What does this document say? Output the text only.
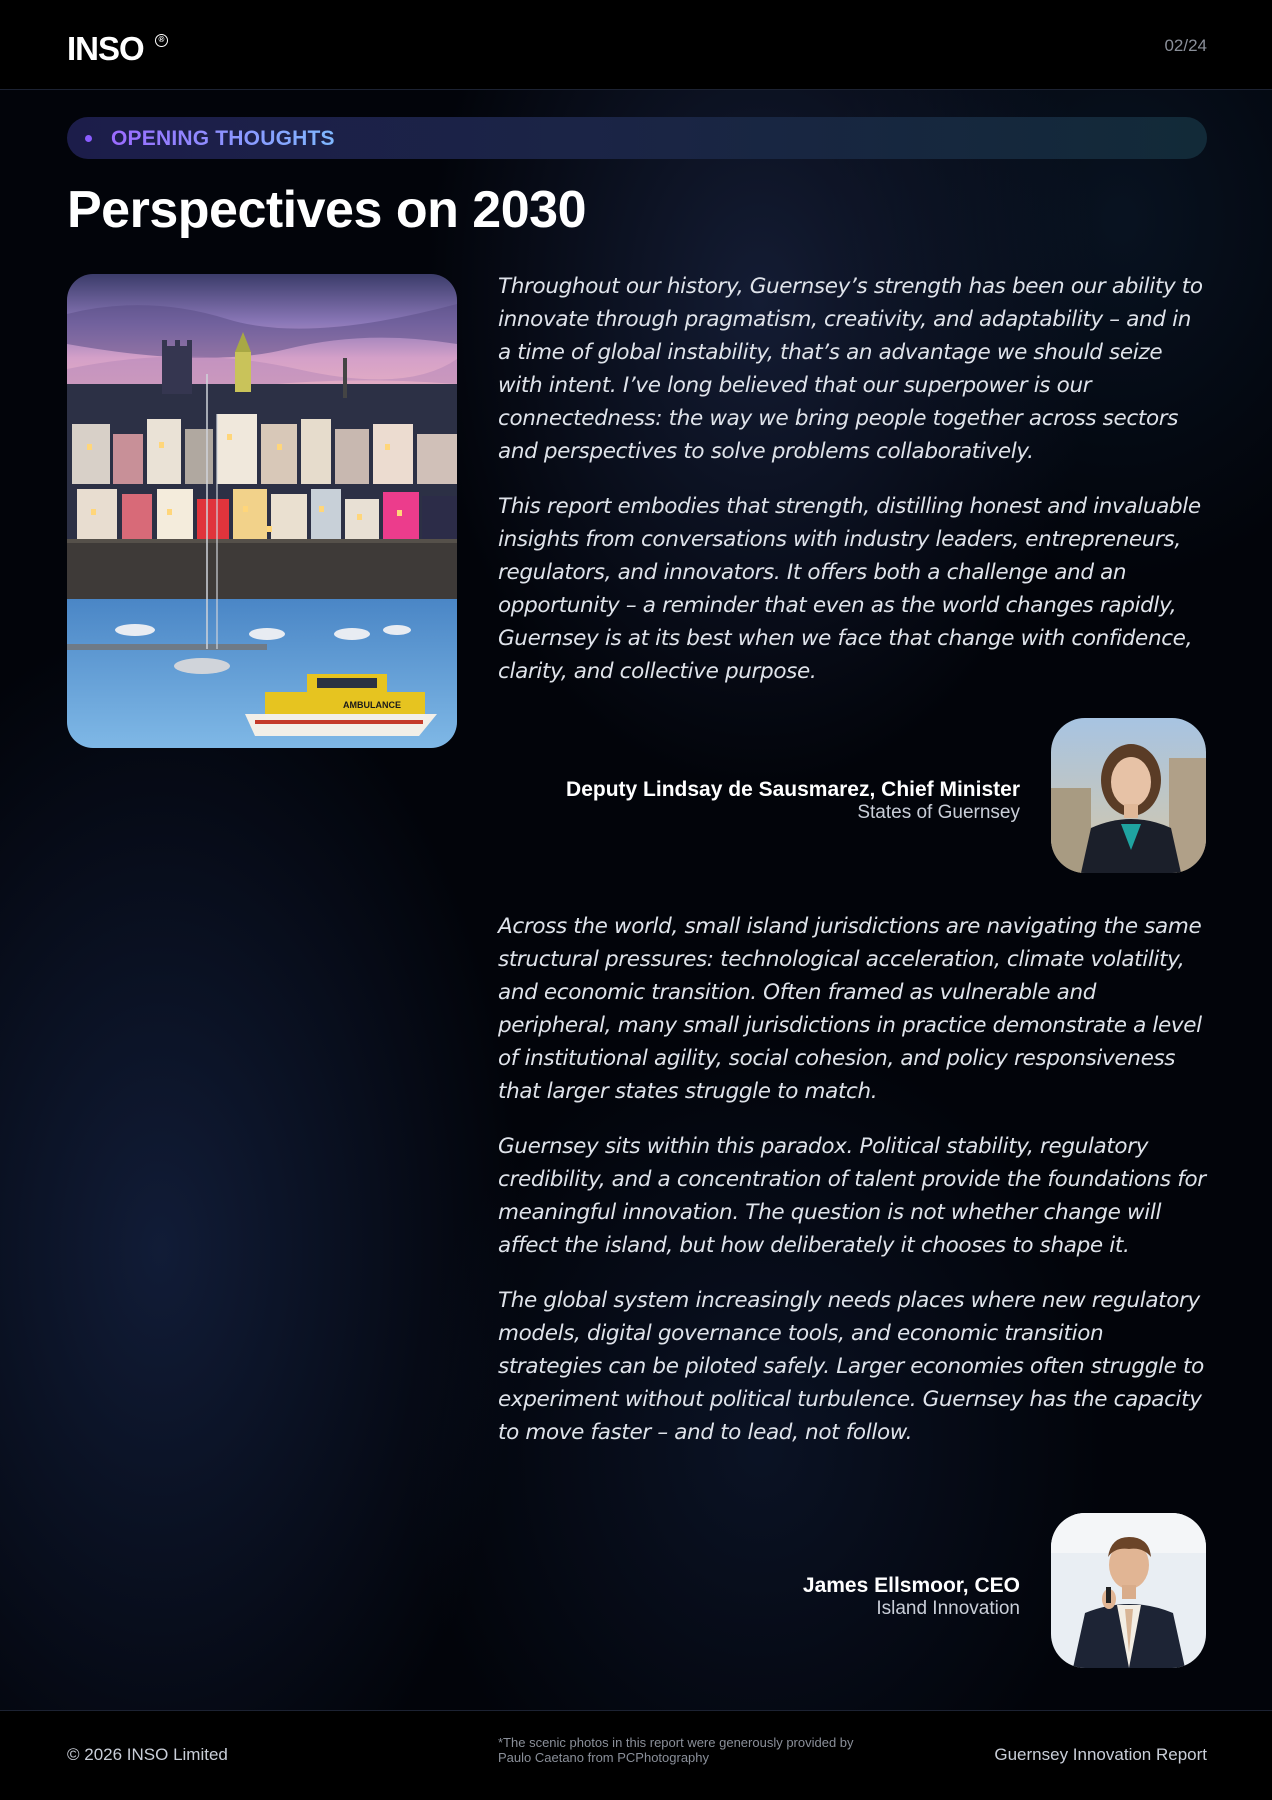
INSO	®	02/24
OPENING THOUGHTS
Perspectives on 2030
AMBULANCE

Throughout our history, Guernsey’s strength has been our ability to innovate through pragmatism, creativity, and adaptability – and in a time of global instability, that’s an advantage we should seize with intent. I’ve long believed that our superpower is our connectedness: the way we bring people together across sectors and perspectives to solve problems collaboratively.

This report embodies that strength, distilling honest and invaluable insights from conversations with industry leaders, entrepreneurs, regulators, and innovators. It offers both a challenge and an opportunity – a reminder that even as the world changes rapidly, Guernsey is at its best when we face that change with confidence, clarity, and collective purpose.

Deputy Lindsay de Sausmarez, Chief Minister
States of Guernsey

Across the world, small island jurisdictions are navigating the same structural pressures: technological acceleration, climate volatility, and economic transition. Often framed as vulnerable and peripheral, many small jurisdictions in practice demonstrate a level of institutional agility, social cohesion, and policy responsiveness that larger states struggle to match.

Guernsey sits within this paradox. Political stability, regulatory credibility, and a concentration of talent provide the foundations for meaningful innovation. The question is not whether change will affect the island, but how deliberately it chooses to shape it.

The global system increasingly needs places where new regulatory models, digital governance tools, and economic transition strategies can be piloted safely. Larger economies often struggle to experiment without political turbulence. Guernsey has the capacity to move faster – and to lead, not follow.

James Ellsmoor, CEO
Island Innovation
© 2026 INSO Limited
*The scenic photos in this report were generously provided by Paulo Caetano from PCPhotography	Guernsey Innovation Report
